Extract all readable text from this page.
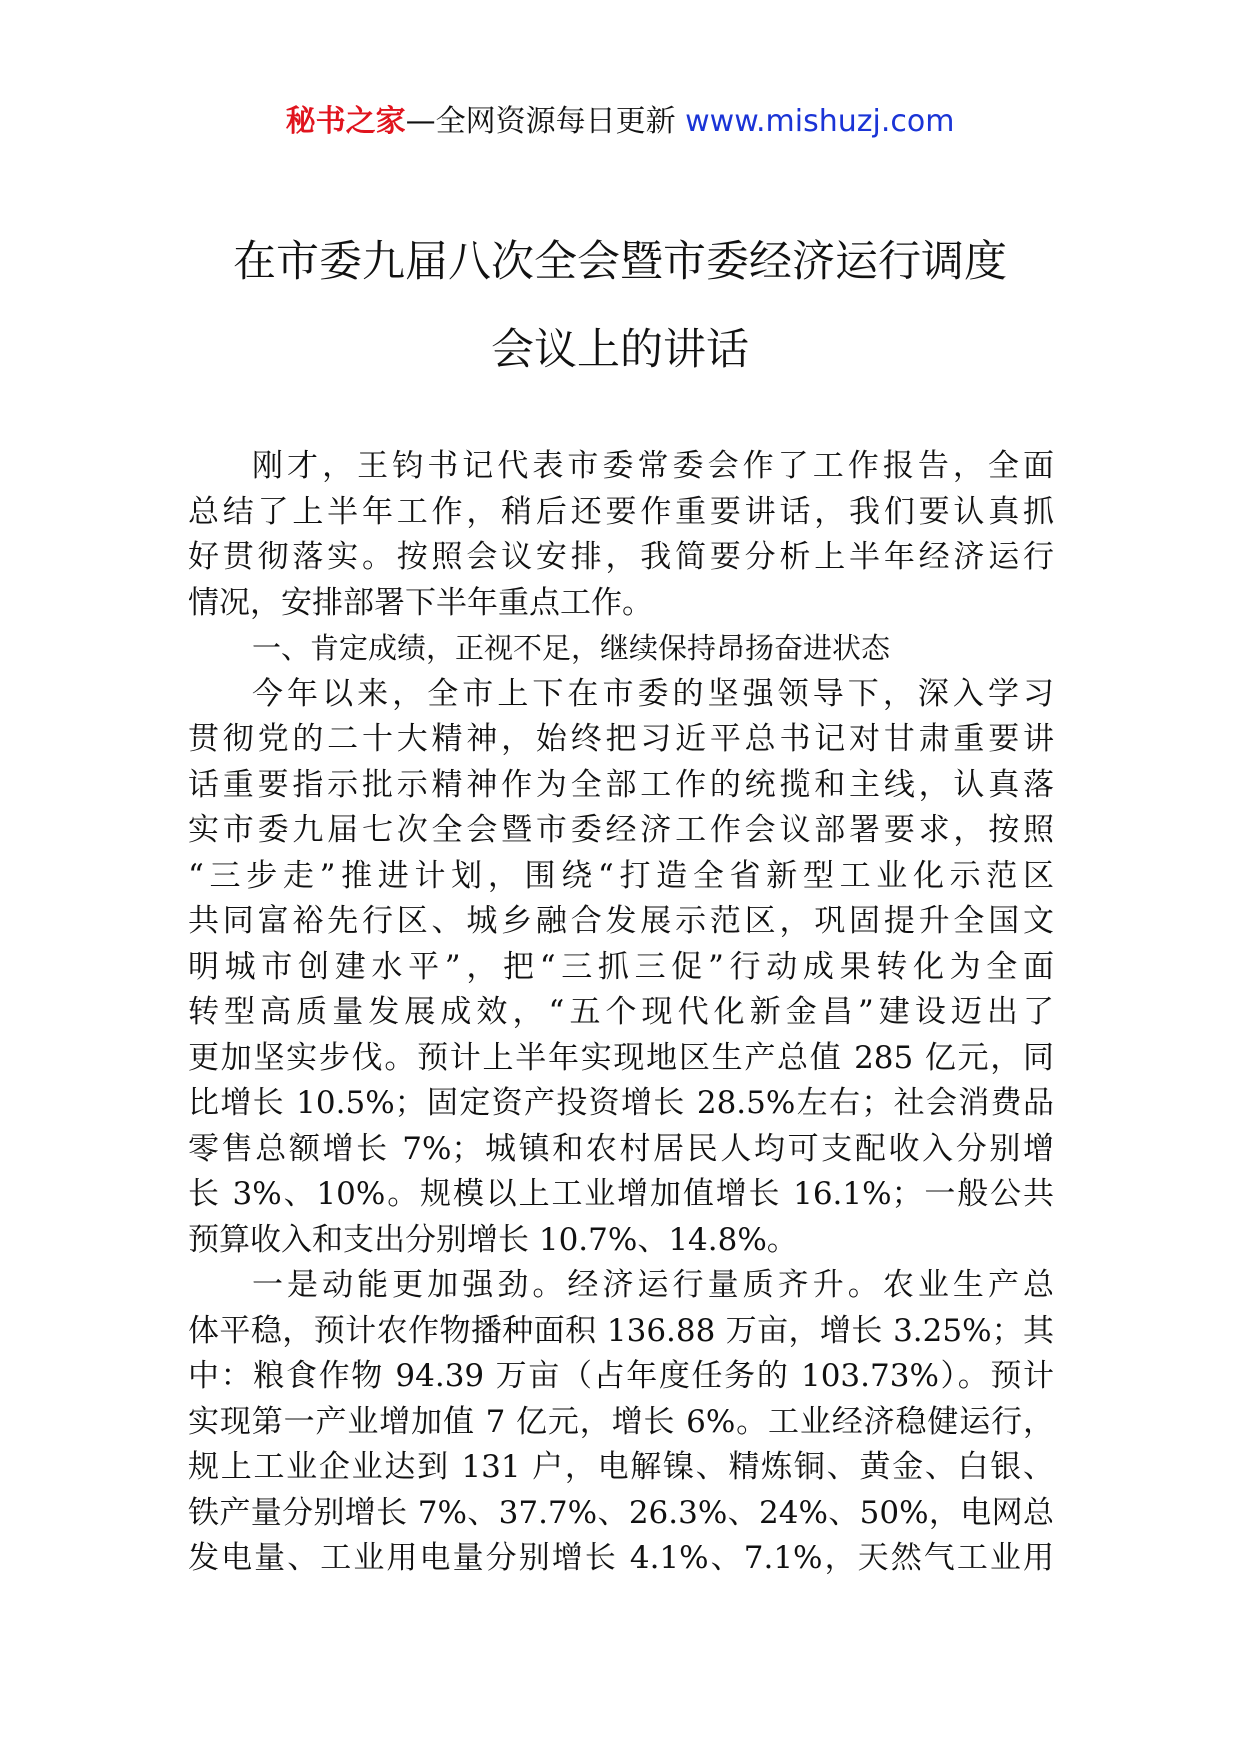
秘书之家—全网资源每日更新 www.mishuzj.com
在市委九届八次全会暨市委经济运行调度
会议上的讲话
刚才，王钧书记代表市委常委会作了工作报告，全面
总结了上半年工作，稍后还要作重要讲话，我们要认真抓
好贯彻落实。按照会议安排，我简要分析上半年经济运行
情况，安排部署下半年重点工作。
一、肯定成绩，正视不足，继续保持昂扬奋进状态
今年以来，全市上下在市委的坚强领导下，深入学习
贯彻党的二十大精神，始终把习近平总书记对甘肃重要讲
话重要指示批示精神作为全部工作的统揽和主线，认真落
实市委九届七次全会暨市委经济工作会议部署要求，按照
“三步走”推进计划，围绕“打造全省新型工业化示范区
共同富裕先行区、城乡融合发展示范区，巩固提升全国文
明城市创建水平”，把“三抓三促”行动成果转化为全面
转型高质量发展成效，“五个现代化新金昌”建设迈出了
更加坚实步伐。预计上半年实现地区生产总值 285 亿元，同
比增长 10.5%；固定资产投资增长 28.5%左右；社会消费品
零售总额增长 7%；城镇和农村居民人均可支配收入分别增
长 3%、10%。规模以上工业增加值增长 16.1%；一般公共
预算收入和支出分别增长 10.7%、14.8%。
一是动能更加强劲。经济运行量质齐升。农业生产总
体平稳，预计农作物播种面积 136.88 万亩，增长 3.25%；其
中：粮食作物 94.39 万亩（占年度任务的 103.73%）。预计
实现第一产业增加值 7 亿元，增长 6%。工业经济稳健运行，
规上工业企业达到 131 户，电解镍、精炼铜、黄金、白银、
铁产量分别增长 7%、37.7%、26.3%、24%、50%，电网总
发电量、工业用电量分别增长 4.1%、7.1%，天然气工业用
